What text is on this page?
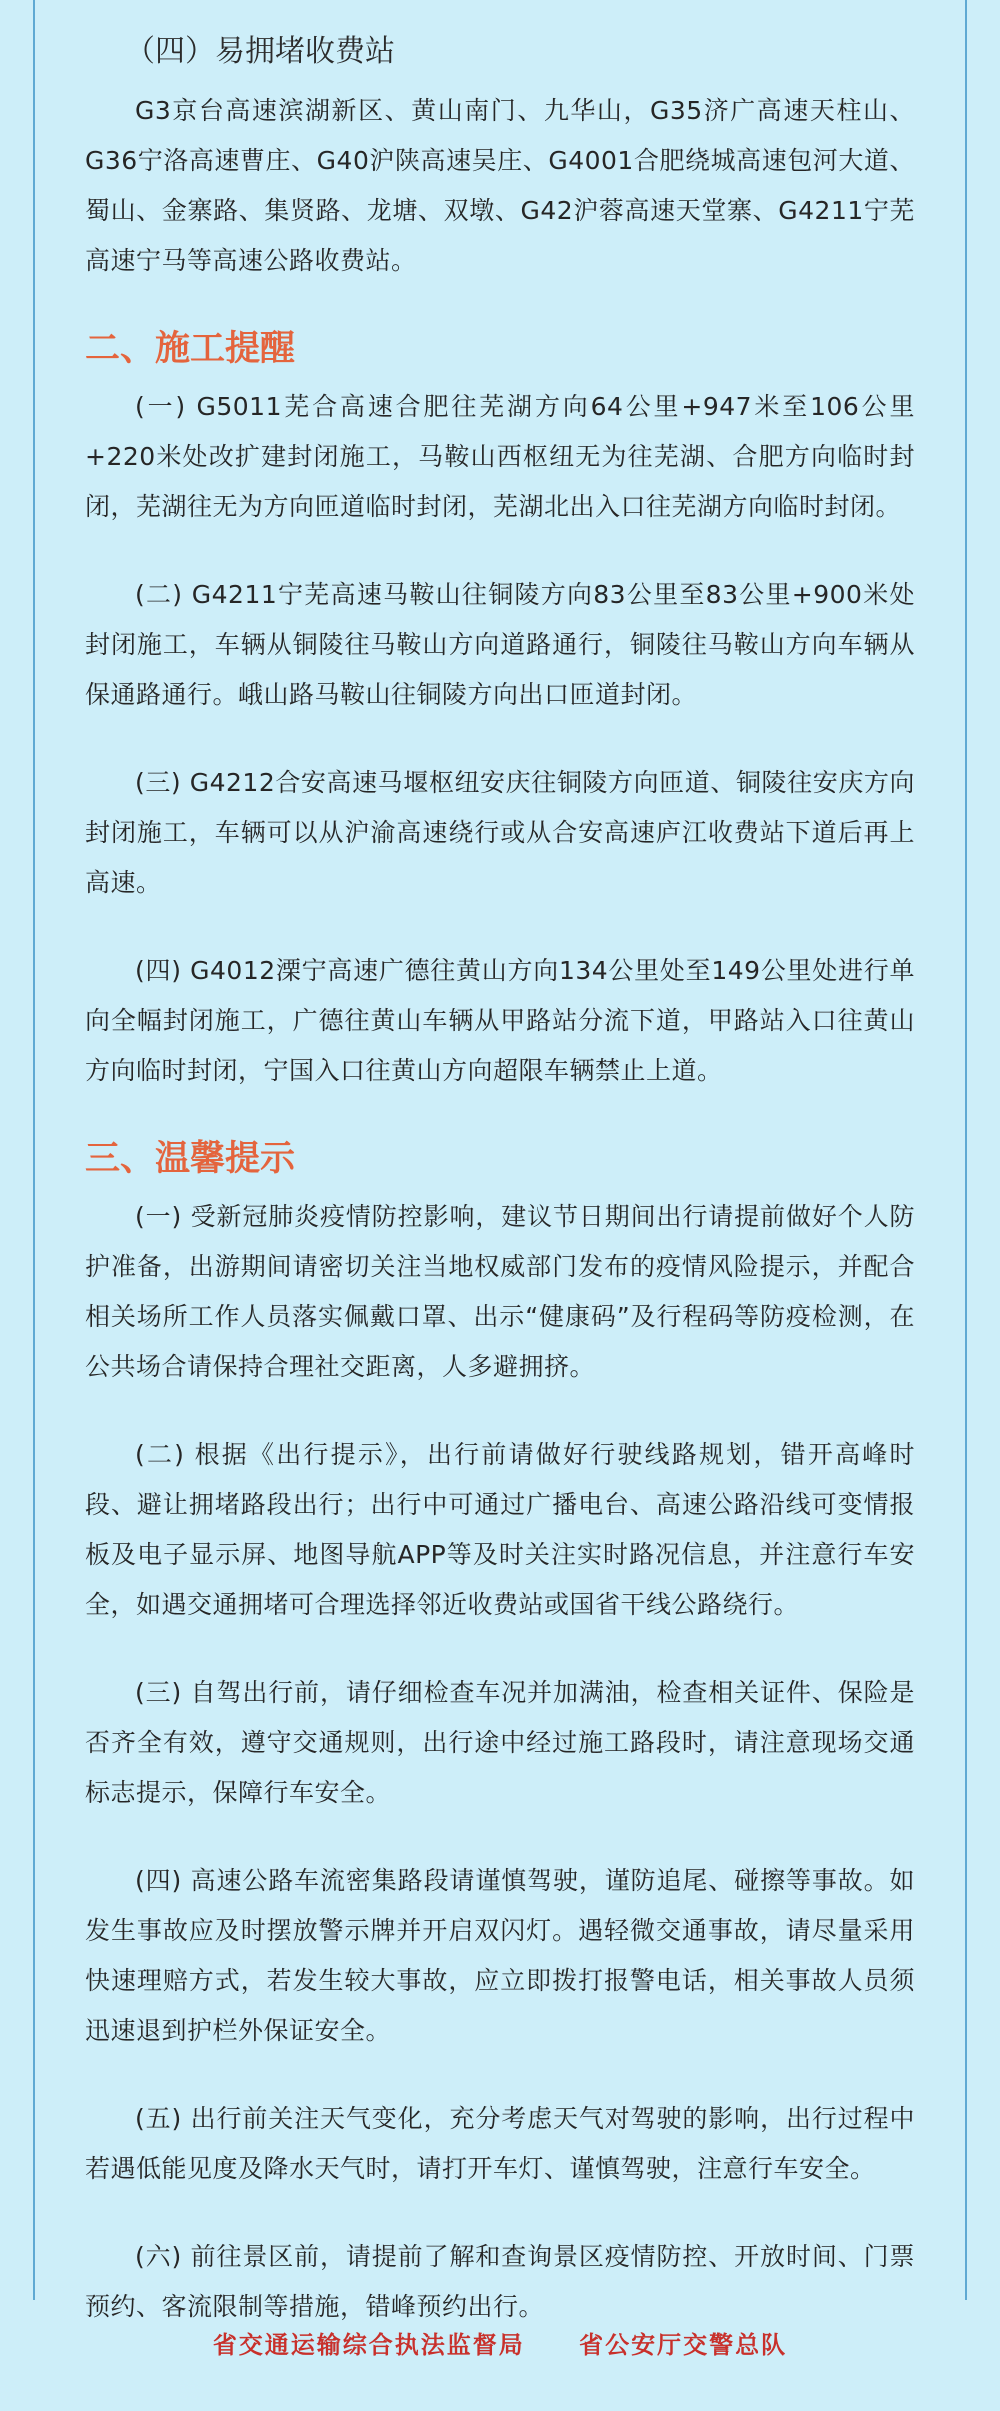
（四）易拥堵收费站

G3京台高速滨湖新区、黄山南门、九华山，G35济广高速天柱山、G36宁洛高速曹庄、G40沪陕高速吴庄、G4001合肥绕城高速包河大道、蜀山、金寨路、集贤路、龙塘、双墩、G42沪蓉高速天堂寨、G4211宁芜高速宁马等高速公路收费站。

二、施工提醒

(一) G5011芜合高速合肥往芜湖方向64公里+947米至106公里+220米处改扩建封闭施工，马鞍山西枢纽无为往芜湖、合肥方向临时封闭，芜湖往无为方向匝道临时封闭，芜湖北出入口往芜湖方向临时封闭。

(二) G4211宁芜高速马鞍山往铜陵方向83公里至83公里+900米处封闭施工，车辆从铜陵往马鞍山方向道路通行，铜陵往马鞍山方向车辆从保通路通行。峨山路马鞍山往铜陵方向出口匝道封闭。

(三) G4212合安高速马堰枢纽安庆往铜陵方向匝道、铜陵往安庆方向封闭施工，车辆可以从沪渝高速绕行或从合安高速庐江收费站下道后再上高速。

(四) G4012溧宁高速广德往黄山方向134公里处至149公里处进行单向全幅封闭施工，广德往黄山车辆从甲路站分流下道，甲路站入口往黄山方向临时封闭，宁国入口往黄山方向超限车辆禁止上道。

三、温馨提示

(一) 受新冠肺炎疫情防控影响，建议节日期间出行请提前做好个人防护准备，出游期间请密切关注当地权威部门发布的疫情风险提示，并配合相关场所工作人员落实佩戴口罩、出示“健康码”及行程码等防疫检测，在公共场合请保持合理社交距离，人多避拥挤。

(二) 根据《出行提示》，出行前请做好行驶线路规划，错开高峰时段、避让拥堵路段出行；出行中可通过广播电台、高速公路沿线可变情报板及电子显示屏、地图导航APP等及时关注实时路况信息，并注意行车安全，如遇交通拥堵可合理选择邻近收费站或国省干线公路绕行。

(三) 自驾出行前，请仔细检查车况并加满油，检查相关证件、保险是否齐全有效，遵守交通规则，出行途中经过施工路段时，请注意现场交通标志提示，保障行车安全。

(四) 高速公路车流密集路段请谨慎驾驶，谨防追尾、碰擦等事故。如发生事故应及时摆放警示牌并开启双闪灯。遇轻微交通事故，请尽量采用快速理赔方式，若发生较大事故，应立即拨打报警电话，相关事故人员须迅速退到护栏外保证安全。

(五) 出行前关注天气变化，充分考虑天气对驾驶的影响，出行过程中若遇低能见度及降水天气时，请打开车灯、谨慎驾驶，注意行车安全。

(六) 前往景区前，请提前了解和查询景区疫情防控、开放时间、门票预约、客流限制等措施，错峰预约出行。

省交通运输综合执法监督局 省公安厅交警总队
